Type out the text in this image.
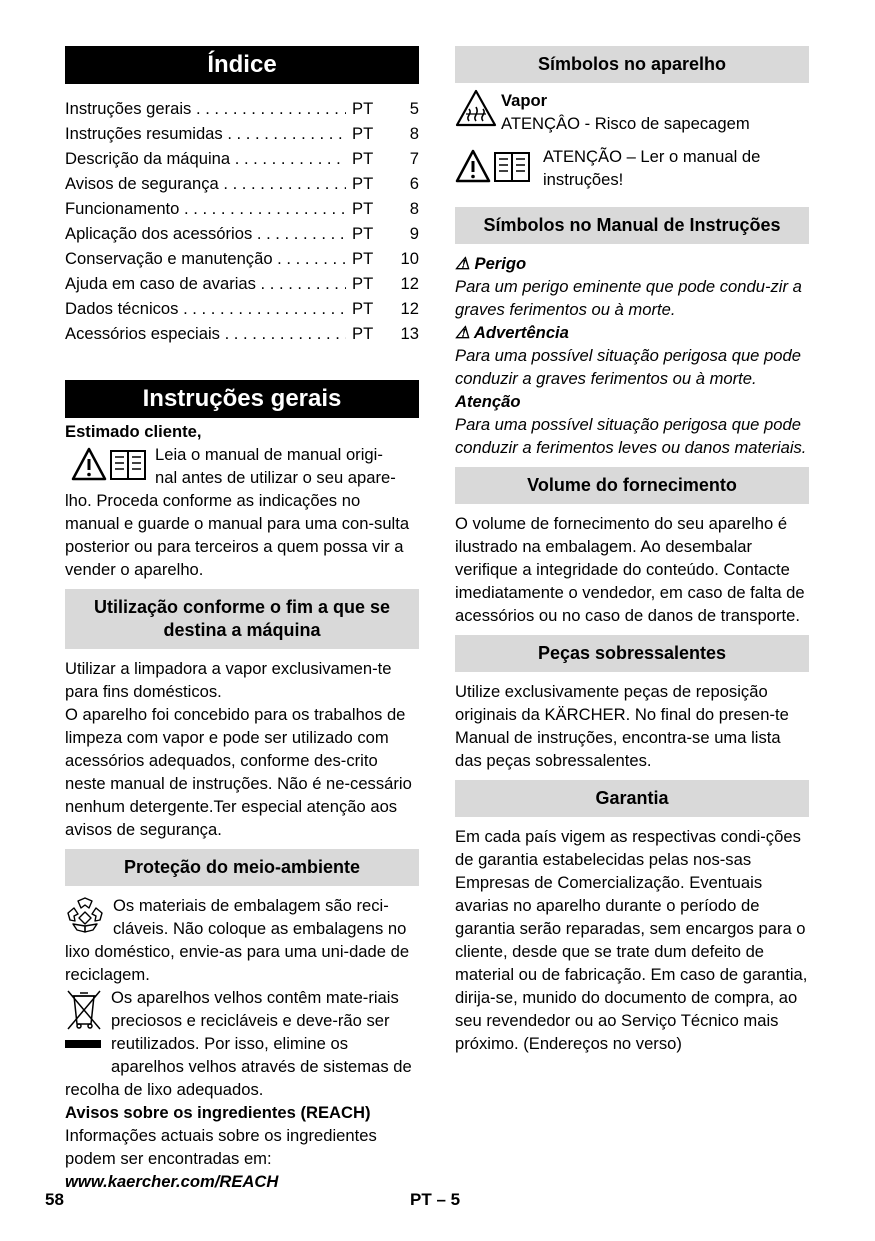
Índice
Instruções gerais . . .	PT	5
Instruções resumidas . . .	PT	8
Descrição da máquina . . .	PT	7
Avisos de segurança . . .	PT	6
Funcionamento . . .	PT	8
Aplicação dos acessórios . . .	PT	9
Conservação e manutenção . . .	PT	10
Ajuda em caso de avarias . . .	PT	12
Dados técnicos . . .	PT	12
Acessórios especiais . . .	PT	13
Instruções gerais

Estimado cliente,

Leia o manual de manual origi-

nal antes de utilizar o seu apare-

lho. Proceda conforme as indicações no manual e guarde o manual para uma con-sulta posterior ou para terceiros a quem possa vir a vender o aparelho.

Utilização conforme o fim a que se destina a máquina

Utilizar a limpadora a vapor exclusivamen-te para fins domésticos.

O aparelho foi concebido para os trabalhos de limpeza com vapor e pode ser utilizado com acessórios adequados, conforme des-crito neste manual de instruções. Não é ne-cessário nenhum detergente.Ter especial atenção aos avisos de segurança.

Proteção do meio-ambiente

Os materiais de embalagem são reci-cláveis. Não coloque as embalagens no lixo doméstico, envie-as para uma uni-dade de reciclagem.

Os aparelhos velhos contêm mate-riais preciosos e recicláveis e deve-rão ser reutilizados. Por isso, elimine os aparelhos velhos através de sistemas de recolha de lixo adequados.

Avisos sobre os ingredientes (REACH)

Informações actuais sobre os ingredientes podem ser encontradas em:

www.kaercher.com/REACH

Símbolos no aparelho

Vapor

ATENÇÂO - Risco de sapecagem

ATENÇÃO – Ler o manual de instruções!

Símbolos no Manual de Instruções

⚠ Perigo

Para um perigo eminente que pode condu-zir a graves ferimentos ou à morte.

⚠ Advertência

Para uma possível situação perigosa que pode conduzir a graves ferimentos ou à morte.

Atenção

Para uma possível situação perigosa que pode conduzir a ferimentos leves ou danos materiais.

Volume do fornecimento

O volume de fornecimento do seu aparelho é ilustrado na embalagem. Ao desembalar verifique a integridade do conteúdo. Contacte imediatamente o vendedor, em caso de falta de acessórios ou no caso de danos de transporte.

Peças sobressalentes

Utilize exclusivamente peças de reposição originais da KÄRCHER. No final do presen-te Manual de instruções, encontra-se uma lista das peças sobressalentes.

Garantia

Em cada país vigem as respectivas condi-ções de garantia estabelecidas pelas nos-sas Empresas de Comercialização. Eventuais avarias no aparelho durante o período de garantia serão reparadas, sem encargos para o cliente, desde que se trate dum defeito de material ou de fabricação. Em caso de garantia, dirija-se, munido do documento de compra, ao seu revendedor ou ao Serviço Técnico mais próximo. (Endereços no verso)

58	PT – 5
